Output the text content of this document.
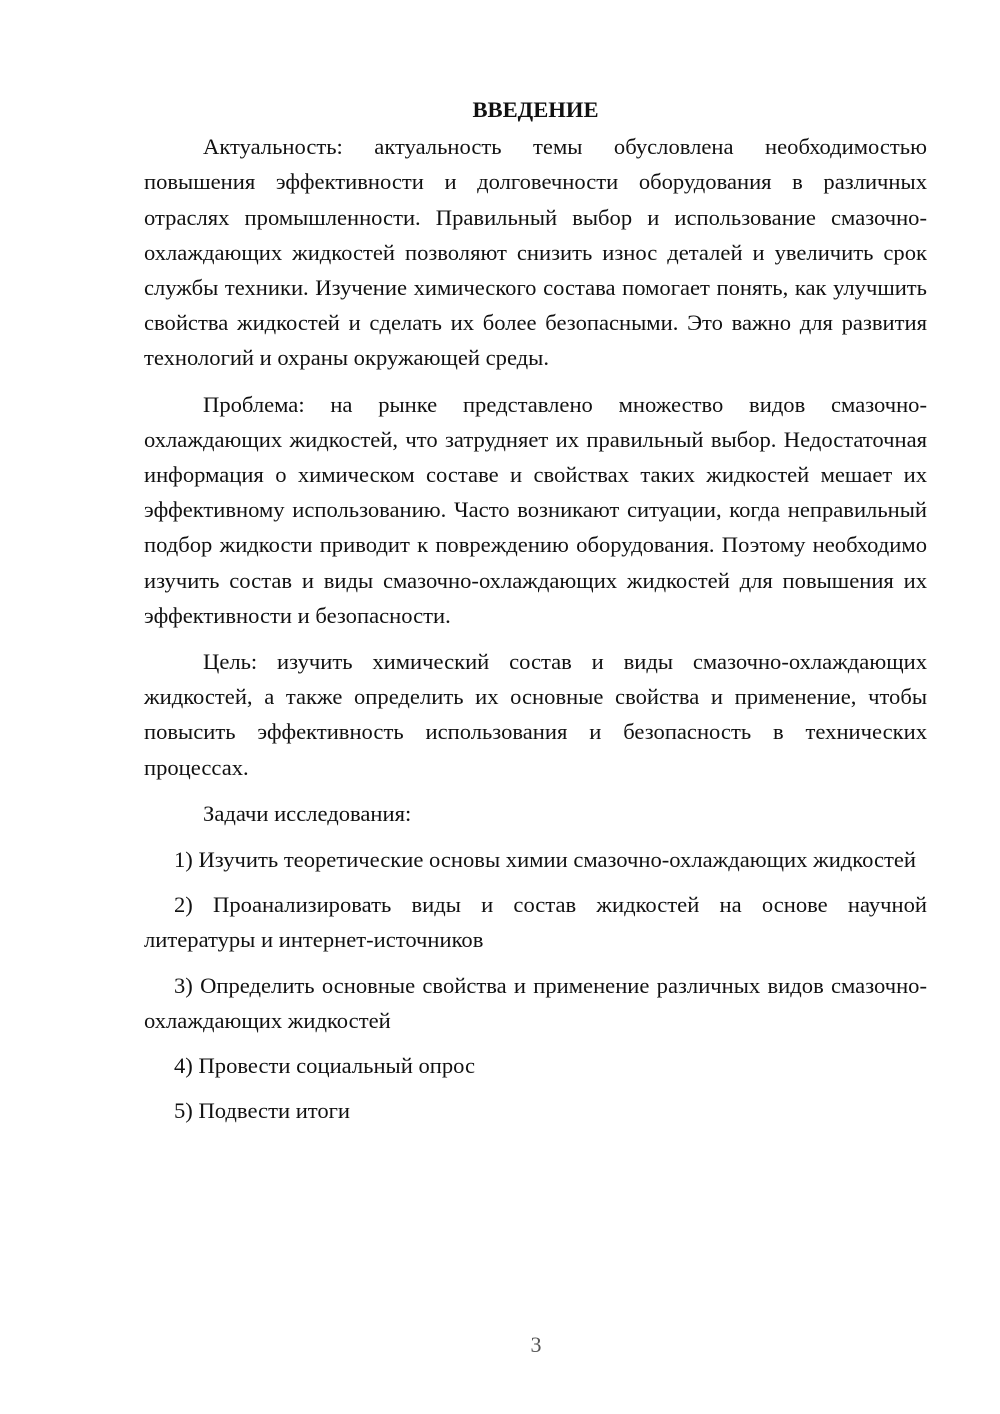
ВВЕДЕНИЕ

Актуальность: актуальность темы обусловлена необходимостью повышения эффективности и долговечности оборудования в различных отраслях промышленности. Правильный выбор и использование смазочно-охлаждающих жидкостей позволяют снизить износ деталей и увеличить срок службы техники. Изучение химического состава помогает понять, как улучшить свойства жидкостей и сделать их более безопасными. Это важно для развития технологий и охраны окружающей среды.

Проблема: на рынке представлено множество видов смазочно-охлаждающих жидкостей, что затрудняет их правильный выбор. Недостаточная информация о химическом составе и свойствах таких жидкостей мешает их эффективному использованию. Часто возникают ситуации, когда неправильный подбор жидкости приводит к повреждению оборудования. Поэтому необходимо изучить состав и виды смазочно-охлаждающих жидкостей для повышения их эффективности и безопасности.

Цель: изучить химический состав и виды смазочно-охлаждающих жидкостей, а также определить их основные свойства и применение, чтобы повысить эффективность использования и безопасность в технических процессах.

Задачи исследования:

1) Изучить теоретические основы химии смазочно-охлаждающих жидкостей

2) Проанализировать виды и состав жидкостей на основе научной литературы и интернет-источников

3) Определить основные свойства и применение различных видов смазочно-охлаждающих жидкостей

4) Провести социальный опрос

5) Подвести итоги

3
